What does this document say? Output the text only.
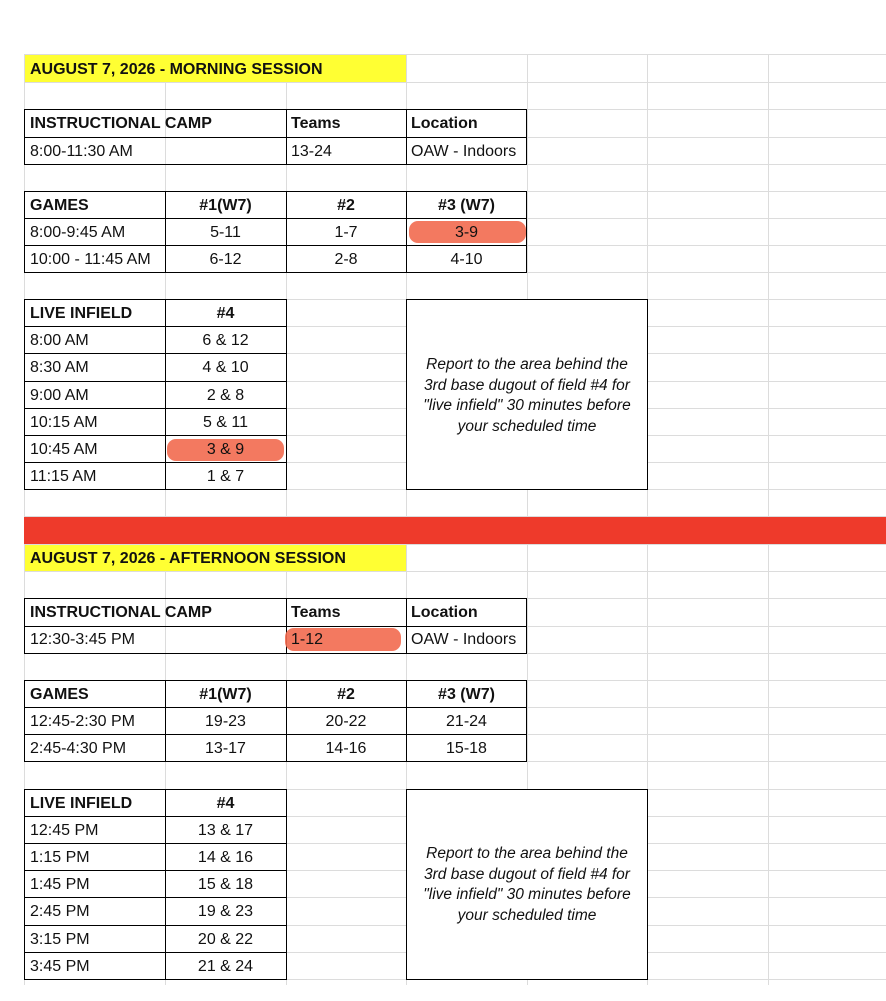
AUGUST 7, 2026 - MORNING SESSION
INSTRUCTIONAL CAMP	Teams	Location
8:00-11:30 AM	13-24	OAW - Indoors
GAMES	#1(W7)	#2	#3 (W7)
8:00-9:45 AM	5-11	1-7	3-9
10:00 - 11:45 AM	6-12	2-8	4-10
LIVE INFIELD	#4
8:00 AM	6 & 12
8:30 AM	4 & 10
9:00 AM	2 & 8
10:15 AM	5 & 11
10:45 AM	3 & 9
11:15 AM	1 & 7
Report to the area behind the
3rd base dugout of field #4 for
"live infield" 30 minutes before
your scheduled time
AUGUST 7, 2026 - AFTERNOON SESSION
INSTRUCTIONAL CAMP	Teams	Location
12:30-3:45 PM	1-12	OAW - Indoors
GAMES	#1(W7)	#2	#3 (W7)
12:45-2:30 PM	19-23	20-22	21-24
2:45-4:30 PM	13-17	14-16	15-18
LIVE INFIELD	#4
12:45 PM	13 & 17
1:15 PM	14 & 16
1:45 PM	15 & 18
2:45 PM	19 & 23
3:15 PM	20 & 22
3:45 PM	21 & 24
Report to the area behind the
3rd base dugout of field #4 for
"live infield" 30 minutes before
your scheduled time
